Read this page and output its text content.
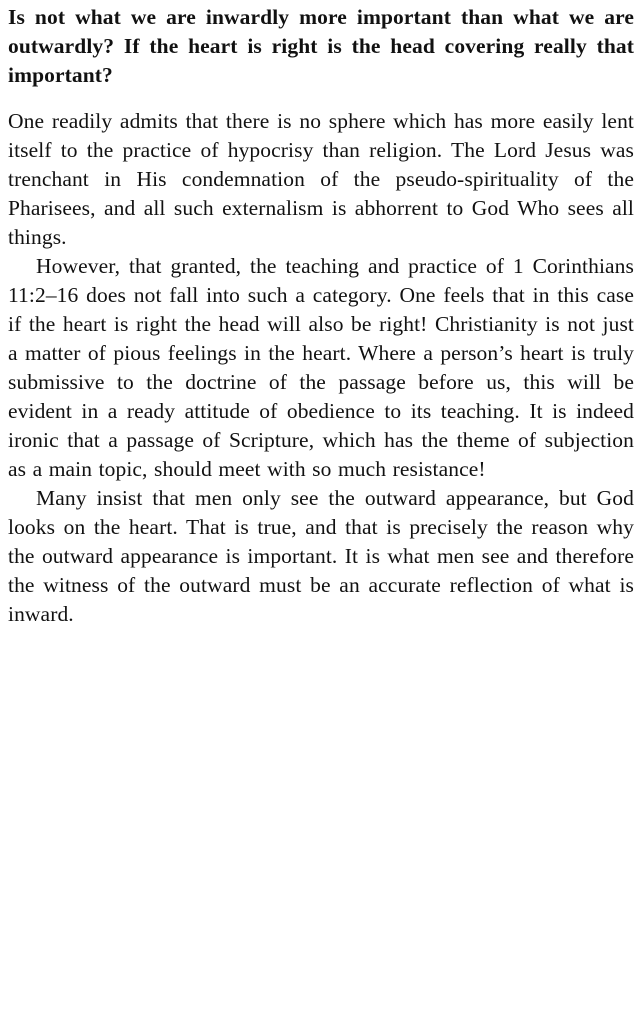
Is not what we are inwardly more important than what we are outwardly? If the heart is right is the head covering really that important?

One readily admits that there is no sphere which has more easily lent itself to the practice of hypocrisy than religion. The Lord Jesus was trenchant in His condemnation of the pseudo-spirituality of the Pharisees, and all such externalism is abhorrent to God Who sees all things.

However, that granted, the teaching and practice of 1 Corinthians 11:2–16 does not fall into such a category. One feels that in this case if the heart is right the head will also be right! Christianity is not just a matter of pious feelings in the heart. Where a person’s heart is truly submissive to the doctrine of the passage before us, this will be evident in a ready attitude of obedience to its teaching. It is indeed ironic that a passage of Scripture, which has the theme of subjection as a main topic, should meet with so much resistance!

Many insist that men only see the outward appearance, but God looks on the heart. That is true, and that is precisely the reason why the outward appearance is important. It is what men see and therefore the witness of the outward must be an accurate reflection of what is inward.
